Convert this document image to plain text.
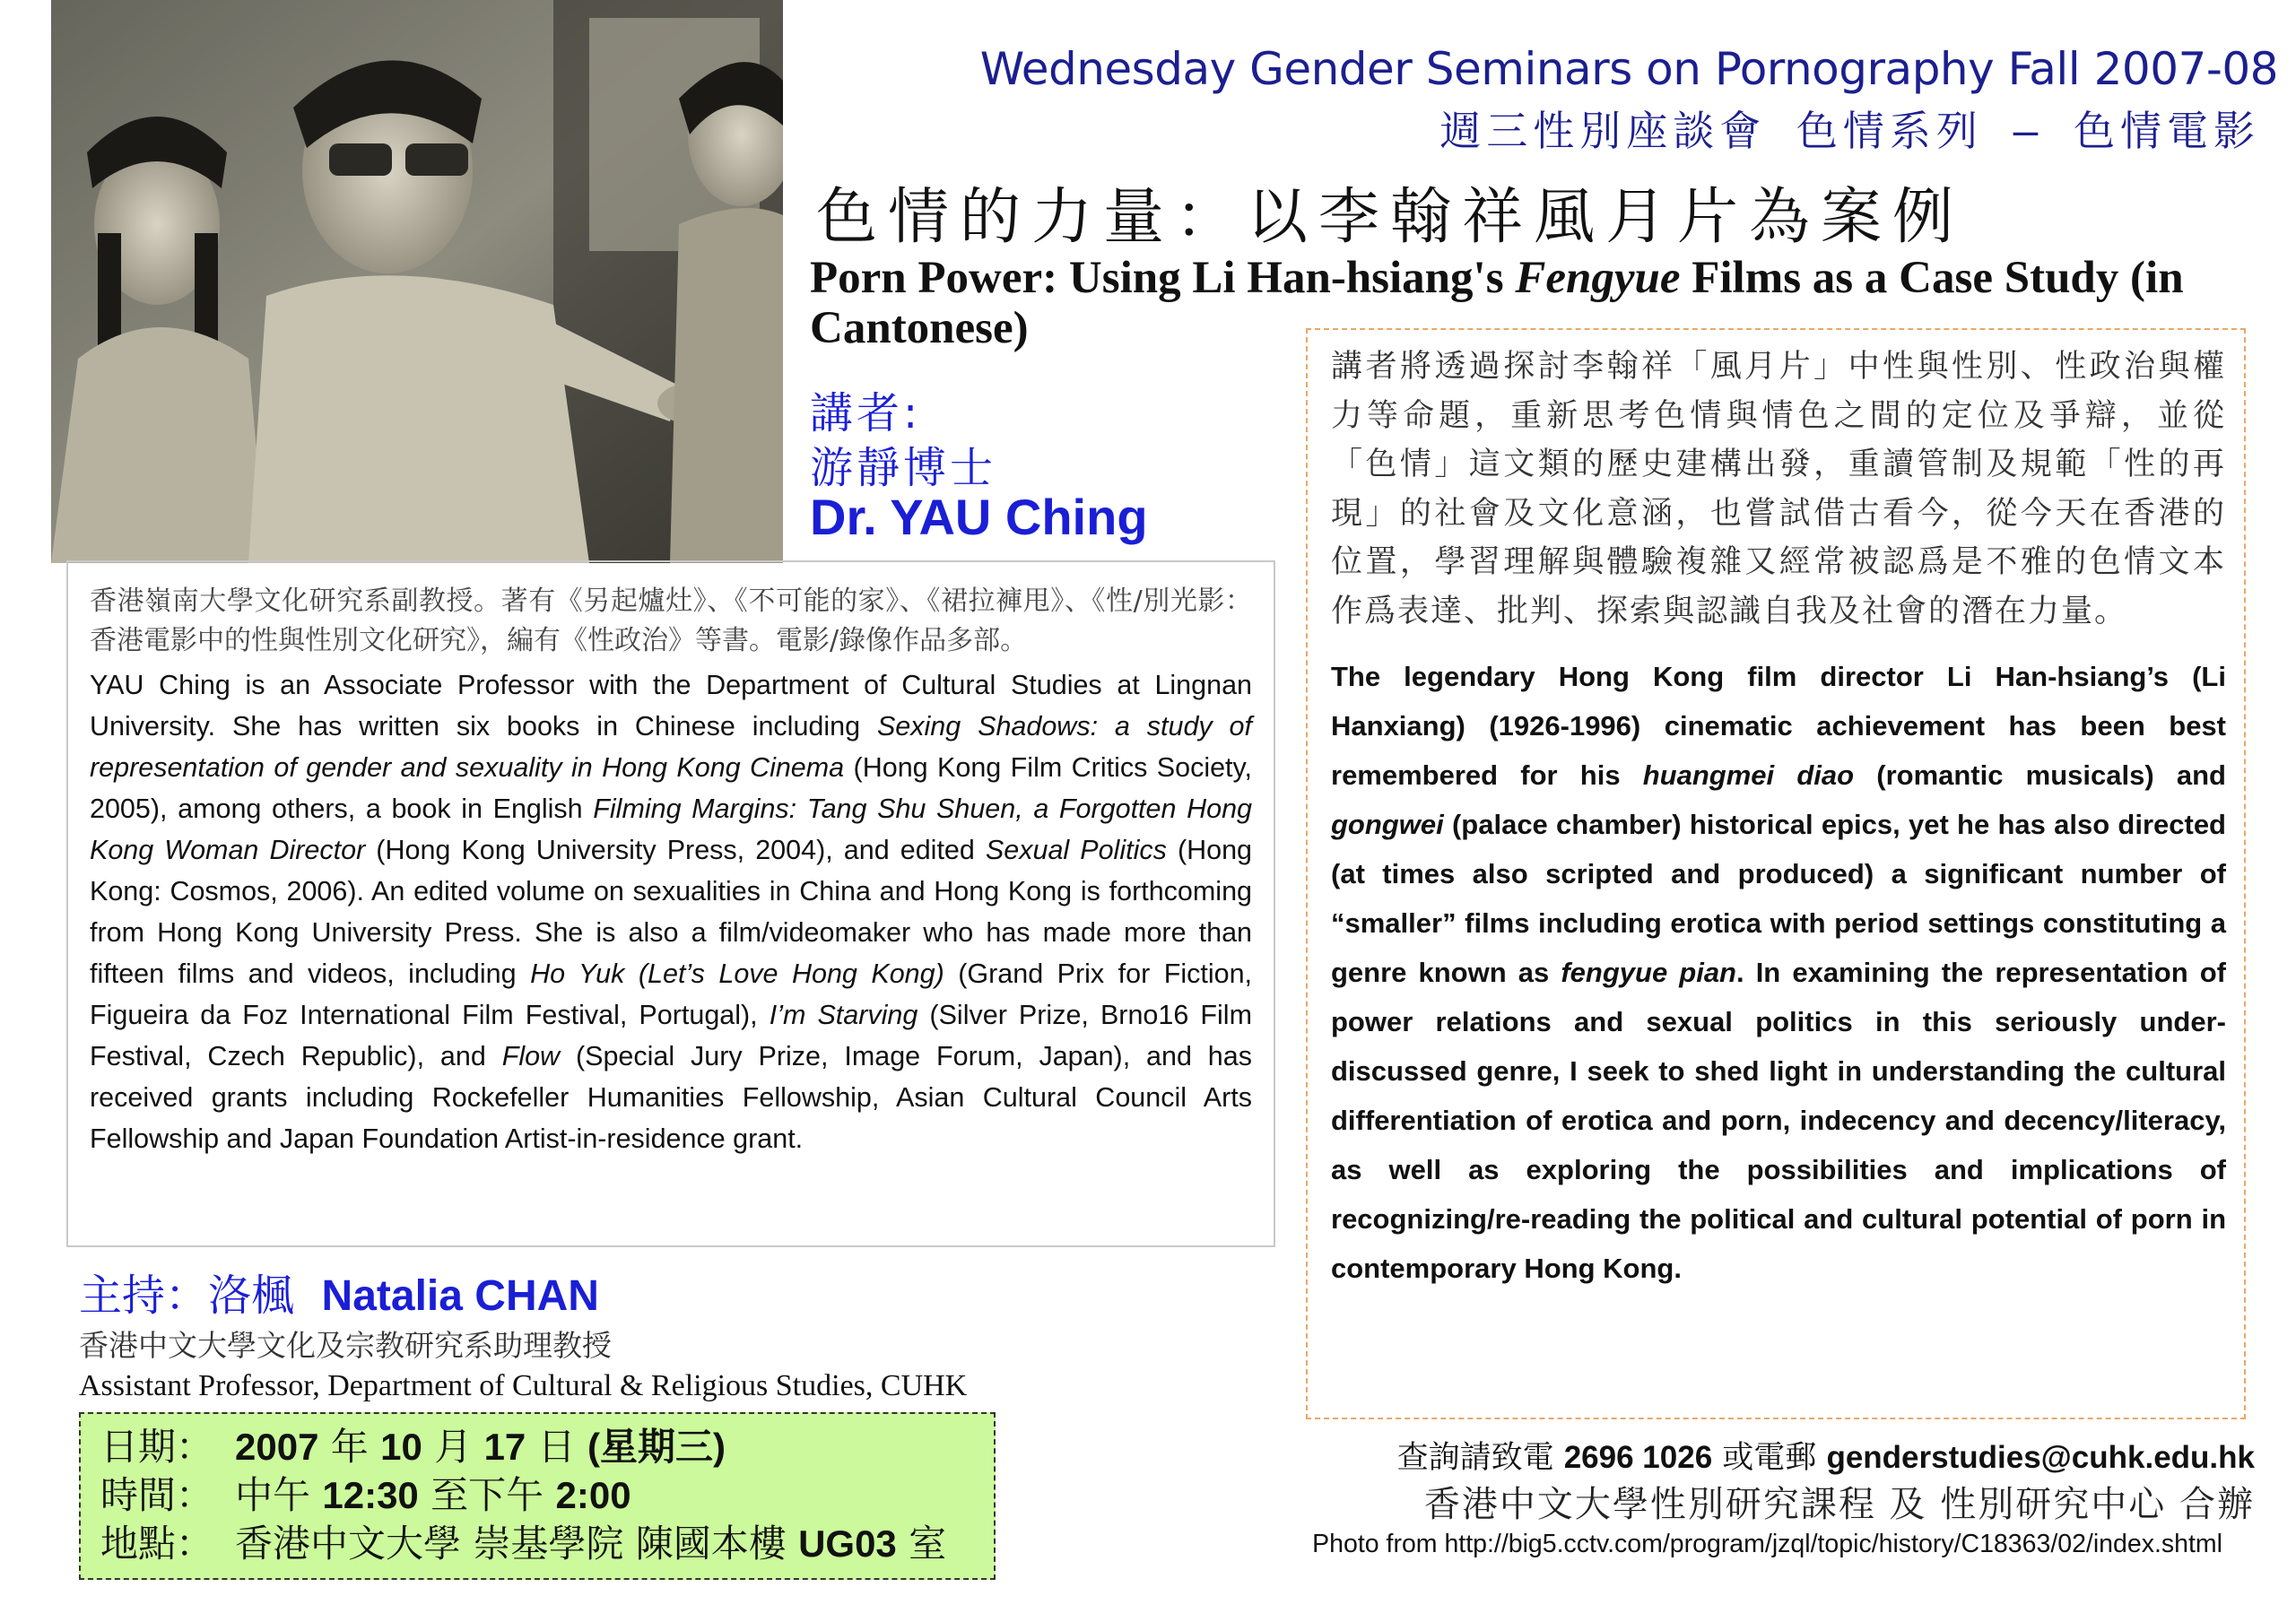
Wednesday Gender Seminars on Pornography Fall 2007-08
週三性別座談會 色情系列 – 色情電影
色情的力量：以李翰祥風月片為案例
Porn Power: Using Li Han-hsiang's Fengyue Films as a Case Study (in Cantonese)
講者:
游靜博士
Dr. YAU Ching

香港嶺南大學文化研究系副教授。著有《另起爐灶》、《不可能的家》、《裙拉褲甩》、《性/別光影：香港電影中的性與性別文化研究》，編有《性政治》等書。電影/錄像作品多部。

YAU Ching is an Associate Professor with the Department of Cultural Studies at Lingnan University. She has written six books in Chinese including Sexing Shadows: a study of representation of gender and sexuality in Hong Kong Cinema (Hong Kong Film Critics Society, 2005), among others, a book in English Filming Margins: Tang Shu Shuen, a Forgotten Hong Kong Woman Director (Hong Kong University Press, 2004), and edited Sexual Politics (Hong Kong: Cosmos, 2006). An edited volume on sexualities in China and Hong Kong is forthcoming from Hong Kong University Press. She is also a film/videomaker who has made more than fifteen films and videos, including Ho Yuk (Let’s Love Hong Kong) (Grand Prix for Fiction, Figueira da Foz International Film Festival, Portugal), I’m Starving (Silver Prize, Brno16 Film Festival, Czech Republic), and Flow (Special Jury Prize, Image Forum, Japan), and has received grants including Rockefeller Humanities Fellowship, Asian Cultural Council Arts Fellowship and Japan Foundation Artist-in-residence grant.

講者將透過探討李翰祥「風月片」中性與性別、性政治與權力等命題，重新思考色情與情色之間的定位及爭辯，並從「色情」這文類的歷史建構出發，重讀管制及規範「性的再現」的社會及文化意涵，也嘗試借古看今，從今天在香港的位置，學習理解與體驗複雜又經常被認爲是不雅的色情文本作爲表達、批判、探索與認識自我及社會的潛在力量。

The legendary Hong Kong film director Li Han-hsiang’s (Li Hanxiang) (1926-1996) cinematic achievement has been best remembered for his huangmei diao (romantic musicals) and gongwei (palace chamber) historical epics, yet he has also directed (at times also scripted and produced) a significant number of “smaller” films including erotica with period settings constituting a genre known as fengyue pian. In examining the representation of power relations and sexual politics in this seriously under-discussed genre, I seek to shed light in understanding the cultural differentiation of erotica and porn, indecency and decency/literacy, as well as exploring the possibilities and implications of recognizing/re-reading the political and cultural potential of porn in contemporary Hong Kong.

主持：洛楓 Natalia CHAN
香港中文大學文化及宗教研究系助理教授
Assistant Professor, Department of Cultural & Religious Studies, CUHK
日期： 2007 年 10 月 17 日 (星期三)
時間： 中午 12:30 至下午 2:00
地點： 香港中文大學 崇基學院 陳國本樓 UG03 室
查詢請致電 2696 1026 或電郵 genderstudies@cuhk.edu.hk
香港中文大學性別研究課程 及 性別研究中心 合辦
Photo from http://big5.cctv.com/program/jzql/topic/history/C18363/02/index.shtml
